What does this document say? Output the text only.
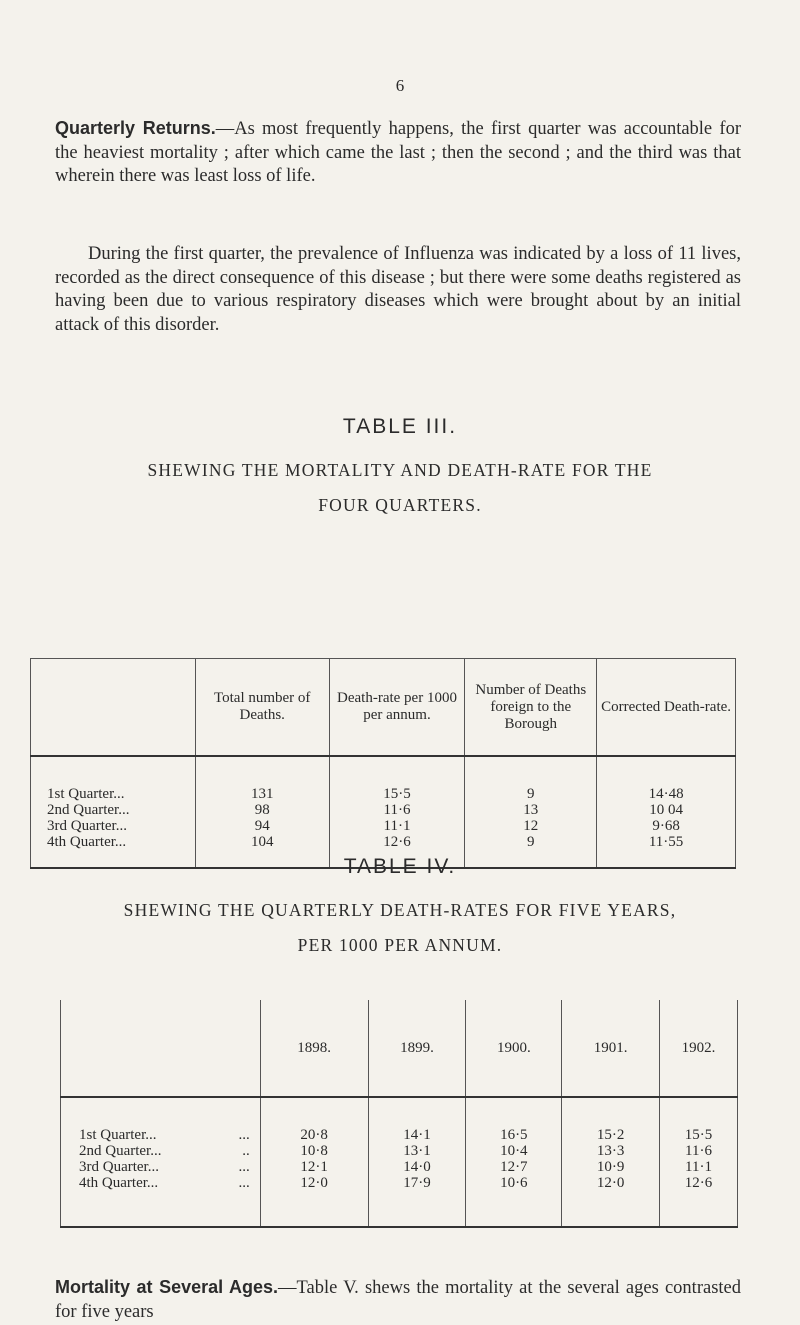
6

Quarterly Returns.—As most frequently happens, the first quarter was accountable for the heaviest mortality ; after which came the last ; then the second ; and the third was that wherein there was least loss of life.

During the first quarter, the prevalence of Influenza was indicated by a loss of 11 lives, recorded as the direct consequence of this disease ; but there were some deaths registered as having been due to various respiratory diseases which were brought about by an initial attack of this disorder.

TABLE III.
SHEWING THE MORTALITY AND DEATH-RATE FOR THE
FOUR QUARTERS.
	Total number of Deaths.	Death-rate per 1000 per annum.	Number of Deaths foreign to the Borough	Corrected Death-rate.

1st Quarter...	131	15·5	9	14·48
2nd Quarter...	98	11·6	13	10 04
3rd Quarter...	94	11·1	12	9·68
4th Quarter...	104	12·6	9	11·55

TABLE IV.
SHEWING THE QUARTERLY DEATH-RATES FOR FIVE YEARS,
PER 1000 PER ANNUM.
		1898.	1899.	1900.	1901.	1902.

1st Quarter...	...	20·8	14·1	16·5	15·2	15·5
2nd Quarter...	..	10·8	13·1	10·4	13·3	11·6
3rd Quarter...	...	12·1	14·0	12·7	10·9	11·1
4th Quarter...	...	12·0	17·9	10·6	12·0	12·6

Mortality at Several Ages.—Table V. shews the mortality at the several ages contrasted for five years
